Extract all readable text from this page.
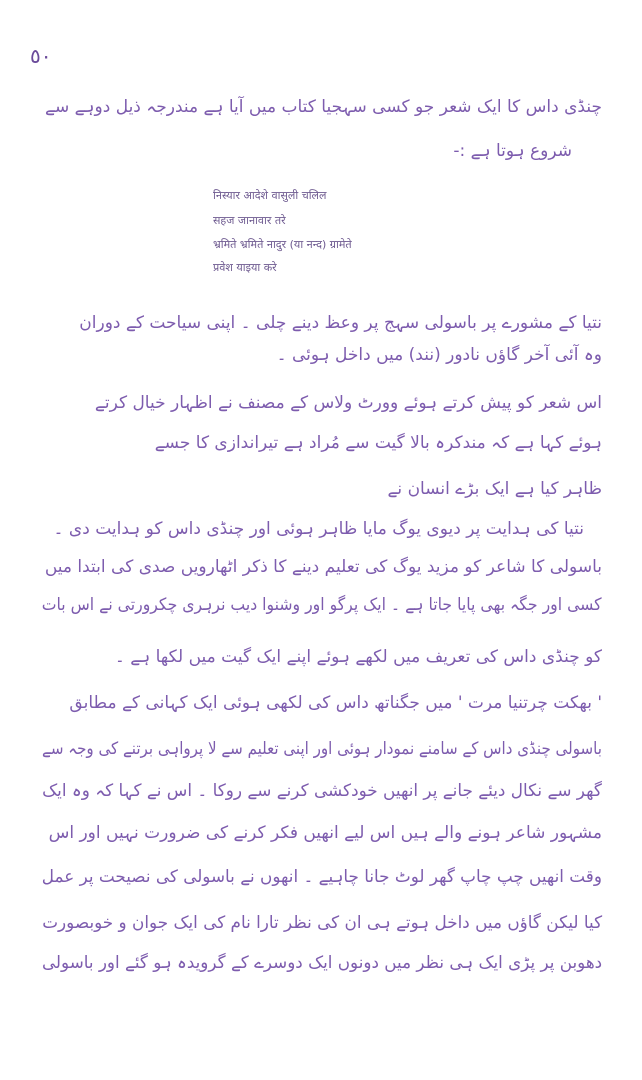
٥٠
چنڈی داس کا ایک شعر جو کسی سہجیا کتاب میں آیا ہے مندرجہ ذیل دوہے سے
شروع ہوتا ہے :-
निस्यार आदेशे वासुली चलिल
सहज जानावार तरे
भ्रमिते भ्रमिते नादुर (या नन्द) ग्रामेते
प्रवेश याइया करे
نتیا کے مشورے پر باسولی سہج پر وعظ دینے چلی ۔ اپنی سیاحت کے دوران
وہ آئی آخر گاؤں نادور (نند) میں داخل ہوئی ۔
اس شعر کو پیش کرتے ہوئے وورٹ ولاس کے مصنف نے اظہار خیال کرتے
ہوئے کہا ہے کہ مندکرہ بالا گیت سے مُراد ہے تیراندازی کا جسے
ظاہر کیا ہے ایک بڑے انسان نے
نتیا کی ہدایت پر دیوی یوگ مایا ظاہر ہوئی اور چنڈی داس کو ہدایت دی ۔
باسولی کا شاعر کو مزید یوگ کی تعلیم دینے کا ذکر اٹھارویں صدی کی ابتدا میں
کسی اور جگہ بھی پایا جاتا ہے ۔ ایک پرگو اور وشنوا دیب نرہری چکرورتی نے اس بات
کو چنڈی داس کی تعریف میں لکھے ہوئے اپنے ایک گیت میں لکھا ہے ۔
' بھکت چرتنیا مرت ' میں جگناتھ داس کی لکھی ہوئی ایک کہانی کے مطابق
باسولی چنڈی داس کے سامنے نمودار ہوئی اور اپنی تعلیم سے لا پرواہی برتنے کی وجہ سے
گھر سے نکال دیئے جانے پر انھیں خودکشی کرنے سے روکا ۔ اس نے کہا کہ وہ ایک
مشہور شاعر ہونے والے ہیں اس لیے انھیں فکر کرنے کی ضرورت نہیں اور اس
وقت انھیں چپ چاپ گھر لوٹ جانا چاہیے ۔ انھوں نے باسولی کی نصیحت پر عمل
کیا لیکن گاؤں میں داخل ہوتے ہی ان کی نظر تارا نام کی ایک جوان و خوبصورت
دھوبن پر پڑی ایک ہی نظر میں دونوں ایک دوسرے کے گرویدہ ہو گئے اور باسولی
